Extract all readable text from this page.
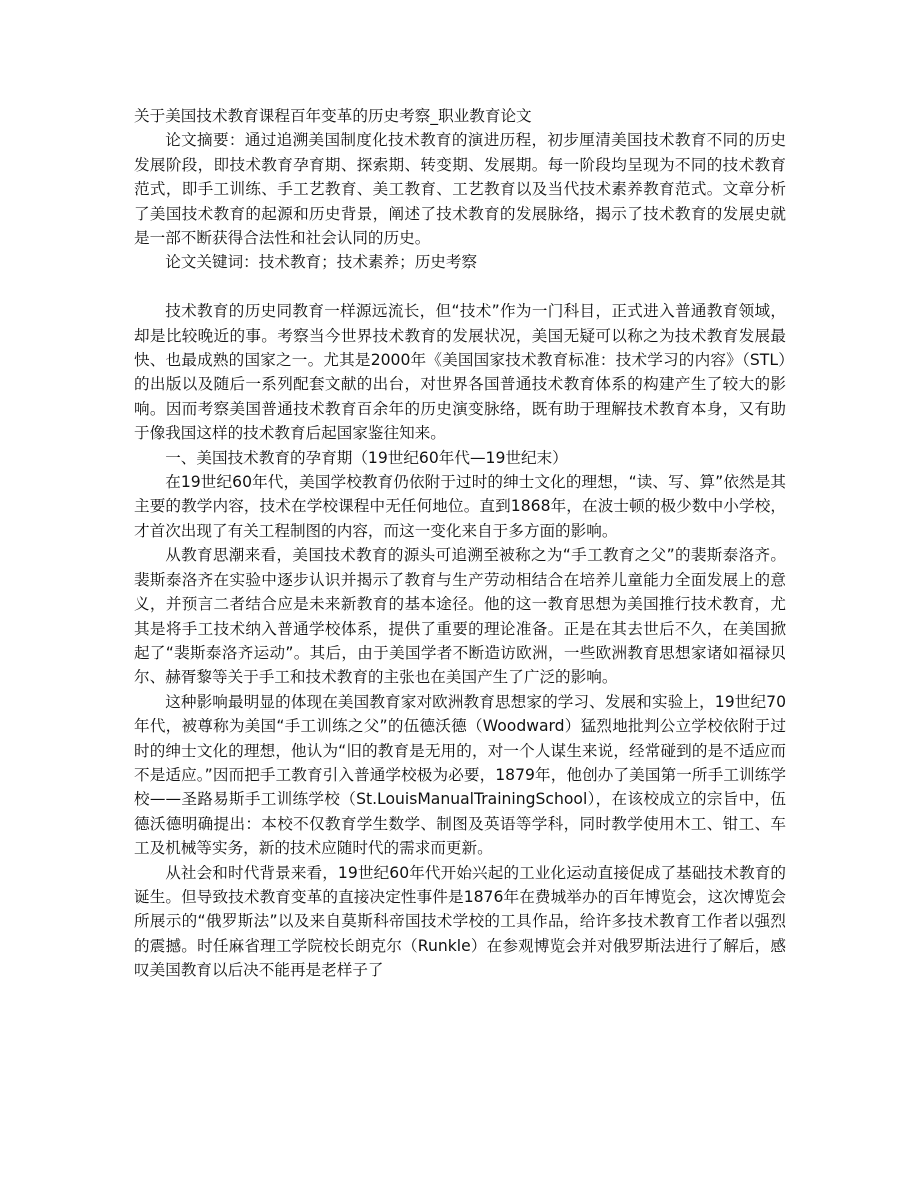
关于美国技术教育课程百年变革的历史考察_职业教育论文

论文摘要：通过追溯美国制度化技术教育的演进历程，初步厘清美国技术教育不同的历史发展阶段，即技术教育孕育期、探索期、转变期、发展期。每一阶段均呈现为不同的技术教育范式，即手工训练、手工艺教育、美工教育、工艺教育以及当代技术素养教育范式。文章分析了美国技术教育的起源和历史背景，阐述了技术教育的发展脉络，揭示了技术教育的发展史就是一部不断获得合法性和社会认同的历史。

论文关键词：技术教育；技术素养；历史考察

技术教育的历史同教育一样源远流长，但“技术”作为一门科目，正式进入普通教育领域，却是比较晚近的事。考察当今世界技术教育的发展状况，美国无疑可以称之为技术教育发展最快、也最成熟的国家之一。尤其是2000年《美国国家技术教育标准：技术学习的内容》（STL）的出版以及随后一系列配套文献的出台，对世界各国普通技术教育体系的构建产生了较大的影响。因而考察美国普通技术教育百余年的历史演变脉络，既有助于理解技术教育本身，又有助于像我国这样的技术教育后起国家鉴往知来。

一、美国技术教育的孕育期（19世纪60年代—19世纪末）

在19世纪60年代，美国学校教育仍依附于过时的绅士文化的理想，“读、写、算”依然是其主要的教学内容，技术在学校课程中无任何地位。直到1868年，在波士顿的极少数中小学校，才首次出现了有关工程制图的内容，而这一变化来自于多方面的影响。

从教育思潮来看，美国技术教育的源头可追溯至被称之为“手工教育之父”的裴斯泰洛齐。裴斯泰洛齐在实验中逐步认识并揭示了教育与生产劳动相结合在培养儿童能力全面发展上的意义，并预言二者结合应是未来新教育的基本途径。他的这一教育思想为美国推行技术教育，尤其是将手工技术纳入普通学校体系，提供了重要的理论准备。正是在其去世后不久，在美国掀起了“裴斯泰洛齐运动”。其后，由于美国学者不断造访欧洲，一些欧洲教育思想家诸如福禄贝尔、赫胥黎等关于手工和技术教育的主张也在美国产生了广泛的影响。

这种影响最明显的体现在美国教育家对欧洲教育思想家的学习、发展和实验上，19世纪70年代，被尊称为美国“手工训练之父”的伍德沃德（Woodward）猛烈地批判公立学校依附于过时的绅士文化的理想，他认为“旧的教育是无用的，对一个人谋生来说，经常碰到的是不适应而不是适应。”因而把手工教育引入普通学校极为必要，1879年，他创办了美国第一所手工训练学校——圣路易斯手工训练学校（St.LouisManualTrainingSchool），在该校成立的宗旨中，伍德沃德明确提出：本校不仅教育学生数学、制图及英语等学科，同时教学使用木工、钳工、车工及机械等实务，新的技术应随时代的需求而更新。

从社会和时代背景来看，19世纪60年代开始兴起的工业化运动直接促成了基础技术教育的诞生。但导致技术教育变革的直接决定性事件是1876年在费城举办的百年博览会，这次博览会所展示的“俄罗斯法”以及来自莫斯科帝国技术学校的工具作品，给许多技术教育工作者以强烈的震撼。时任麻省理工学院校长朗克尔（Runkle）在参观博览会并对俄罗斯法进行了解后，感叹美国教育以后决不能再是老样子了
